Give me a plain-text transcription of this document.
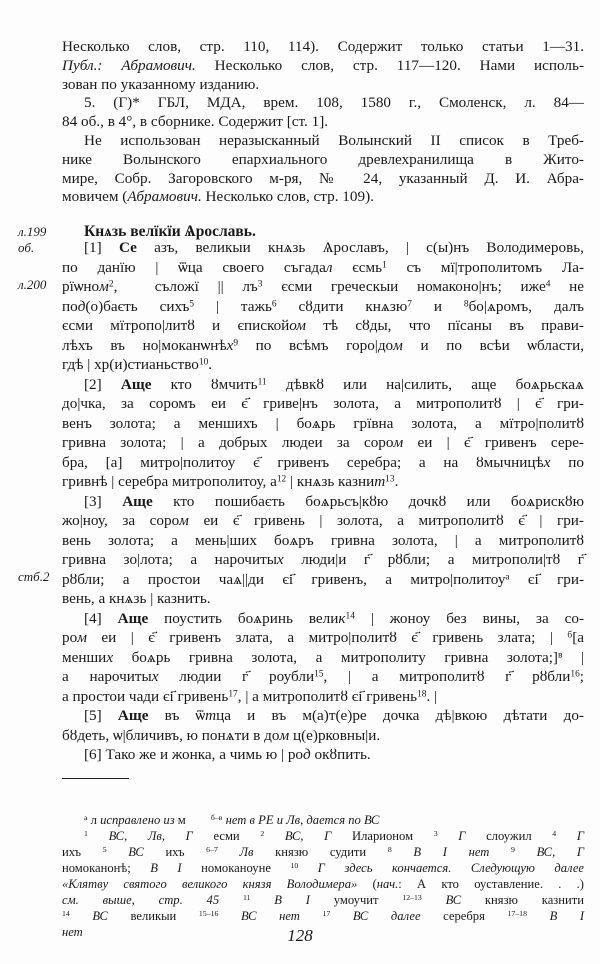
Несколько слов, стр. 110, 114). Содержит только статьи 1—31.
Публ.: Абрамович. Несколько слов, стр. 117—120. Нами исполь-
зован по указанному изданию.
5. (Г)* ГБЛ, МДА, врем. 108, 1580 г., Смоленск, л. 84—
84 об., в 4°, в сборнике. Содержит [ст. 1].
Не использован неразысканный Волынский II список в Треб-
нике Волынского епархиального древлехранилища в Жито-
мире, Собр. Загоровского м-ря, № 24, указанный Д. И. Абра-
мовичем (Абрамович. Несколько слов, стр. 109).
л.199
об.
л.200
стб.2
Кнѧзь велїкїи Ѧрославь.
[1] Се азъ, великыи кнѧзь Ѧрославъ, | с(ы)нъ Володимеровь,
по данїю | ѿца своего съгадал єсмь$^1$ съ мї|трополитомъ Ла-
рїѡном$^2$,  съложї || $лъ^3$ єсми греческыи номаконо|нъ; иже$^4$ не
под(о)баєть сихъ$^5$ | тажь$^6$ сȣдити кнѧзю$^7$ и $^8$бо|ѧромъ, далъ
єсми мїтропо|литȣ и єпискойом тѣ сȣды, что пїсаны въ прави-
лѣхъ въ но|моканѡнѣх$^9$ по всѣмъ горо|дом и по всѣи ѡбласти,
гдѣ | хр(и)стианьство$^{10}$.
[2] Аще кто ȣмчить$^{11}$ дѣвкȣ или на|силить, аще боѧрьскаѧ
до|чка, за соромъ еи є҃ гриве|нъ золота, а митрополитȣ | є҃ гри-
венъ золота; а меншихъ | боѧрь грївна золота, а мїтро|политȣ
гривна золота; | а добрых людеи за сором еи | є҃ гривенъ сере-
бра, [а] митро|политоу є҃ гривенъ серебра; а на ȣмычницѣх по
гривнѣ | серебра митрополитоу, $а^{12}$ | кнѧзь казнит$^{13}$.
[3] Аще кто пошибаєть боѧрьсъ|кȣю дочкȣ или боѧрискȣю
жо|ноу, за сором еи є҃ гривень | золота, а митрополитȣ є҃ | гри-
вень золота; а мень|ших боѧръ гривна золота, | а митрополитȣ
гривна зо|лота; а нарочитых люди|и г҃ рȣбли; а митрополи|тȣ г҃
рȣбли; а простои чаѧ||ди єі҃ гривенъ, а митро|политоу$^а$ єі҃ гри-
вень, а кнѧзь | казнить.
[4] Аще поустить боѧринь велик$^{14}$ | жоноу без вины, за со-
ром еи | є҃ гривенъ злата, а митро|политȣ є҃ гривень злата; | $^б$[а
менших боѧрь гривна золота, а митрополиту гривна золота;]$^в$ |
а нарочитых людии г҃ роубли$^{15}$, | а митрополитȣ г҃ рȣбли$^{16}$;
а простои чади єі҃ гривень$^{17}$, | а митрополитȣ єі҃ гривень$^{18}$. |
[5] Аще въ ѿтца и въ м(а)т(е)ре дочка дѣ|вкою дѣтати до-
бȣдеть, ѡ|бличивъ, ю понѧти в дом ц(е)рковны|и.
[6] Тако же и жонка, а чимь ю | род окȣпить.
$^а$ л исправлено из м        $^{б-в}$ нет в РЕ и Лв, дается по ВС
$^1$ ВС, Лв, Г есми $^2$ ВС, Г Иларионом $^3$ Г слоужил $^4$ Г
ихъ $^5$ ВС ихъ $^{6-7}$ Лв князю судити $^8$ В I нет	$^9$ ВС, Г
номоканонѣ; В I номоканоуне $^{10}$ Г здесь кончается. Следующую далее
«Клятву святого великого князя Володимера» (нач.: А кто оуставление. . .)
см. выше, стр. 45	$^{11}$ В I умоучит $^{12-13}$ ВС князю казнити
$^{14}$ ВС великыи $^{15-16}$ ВС нет	$^{17}$ ВС далее серебря $^{17-18}$ В I
нет	128
